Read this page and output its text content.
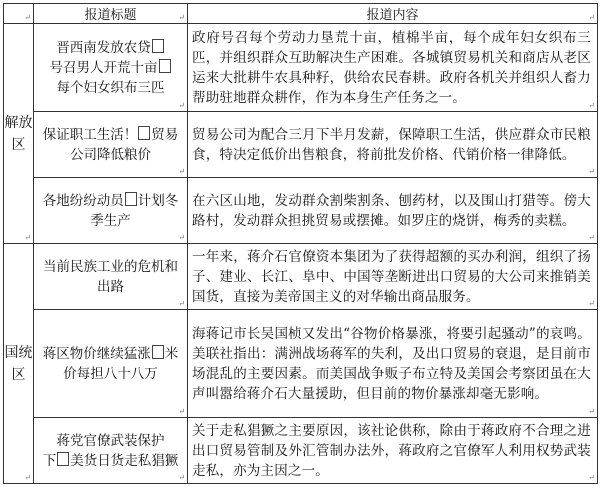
↵	报道标题 ↵	报道内容 ↵

解放区
↵	晋西南发放农贷
号召男人开荒十亩
每个妇女织布三匹
↵	政府号召每个劳动力垦荒十亩，植棉半亩，每个成年妇女织布三匹，并组织群众互助解决生产困难。各城镇贸易机关和商店从老区运来大批耕牛农具种籽，供给农民春耕。政府各机关并组织人畜力帮助驻地群众耕作，作为本身生产任务之一。 ↵

	保证职工生活！ 贸易公司降低粮价
↵	贸易公司为配合三月下半月发薪，保障职工生活，供应群众市民粮食，特决定低价出售粮食，将前批发价格、代销价格一律降低。
↵

	各地纷纷动员 计划冬季生产
↵	在六区山地，发动群众割柴割条、刨药材，以及围山打猎等。傍大路村，发动群众担挑贸易或摆摊。如罗庄的烧饼，梅秀的卖糕。
↵

国统区
↵	当前民族工业的危机和出路
↵	一年来，蒋介石官僚资本集团为了获得超额的买办利润，组织了扬子、建业、长江、阜中、中国等垄断进出口贸易的大公司来推销美国货，直接为美帝国主义的对华输出商品服务。 ↵

	蒋区物价继续猛涨 米价每担八十八万
↵	海蒋记市长吴国桢又发出“谷物价格暴涨，将要引起骚动”的哀鸣。美联社指出：满洲战场蒋军的失利，及出口贸易的衰退，是目前市场混乱的主要因素。而美国战争贩子布立特及美国会考察团虽在大声叫嚣给蒋介石大量援助，但目前的物价暴涨却毫无影响。
↵

	蒋党官僚武装保护
下 美货日货走私猖獗
↵	关于走私猖獗之主要原因，该社论供称，除由于蒋政府不合理之进出口贸易管制及外汇管制办法外，蒋政府之官僚军人利用权势武装走私，亦为主因之一。 ↵
